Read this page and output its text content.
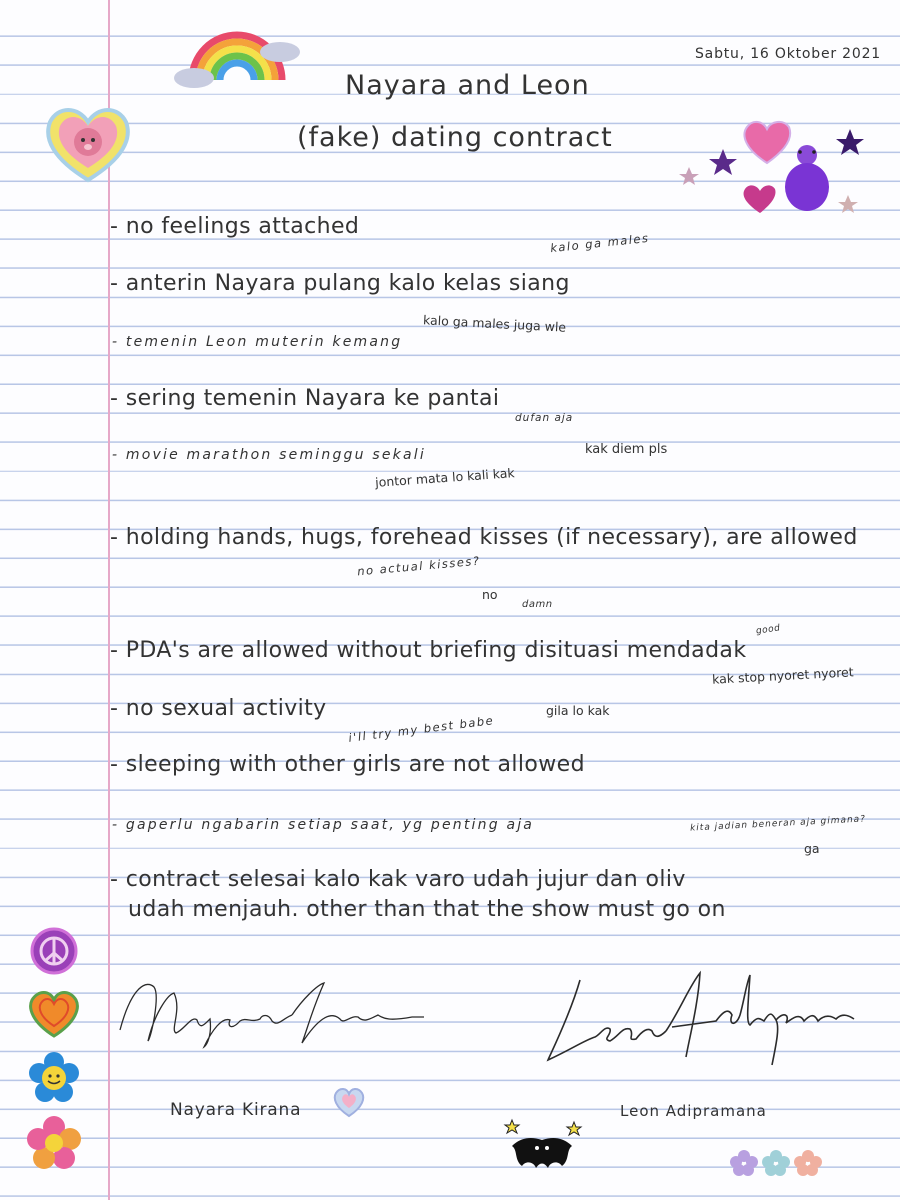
Sabtu, 16 Oktober 2021
Nayara and Leon
(fake) dating contract
- no feelings attached
- anterin Nayara pulang kalo kelas siang
- temenin Leon muterin kemang
- sering temenin Nayara ke pantai
- movie marathon seminggu sekali
- holding hands, hugs, forehead kisses (if necessary), are allowed
- PDA's are allowed without briefing disituasi mendadak
- no sexual activity
- sleeping with other girls are not allowed
- gaperlu ngabarin setiap saat, yg penting aja
- contract selesai kalo kak varo udah jujur dan oliv
udah menjauh. other than that the show must go on
kalo ga males
kalo ga males juga wle
dufan aja
kak diem pls
jontor mata lo kali kak
no actual kisses?
no
damn
good
kak stop nyoret nyoret
gila lo kak
i'll try my best babe
kita jadian beneran aja gimana?
ga
Nayara Kirana	Leon Adipramana
